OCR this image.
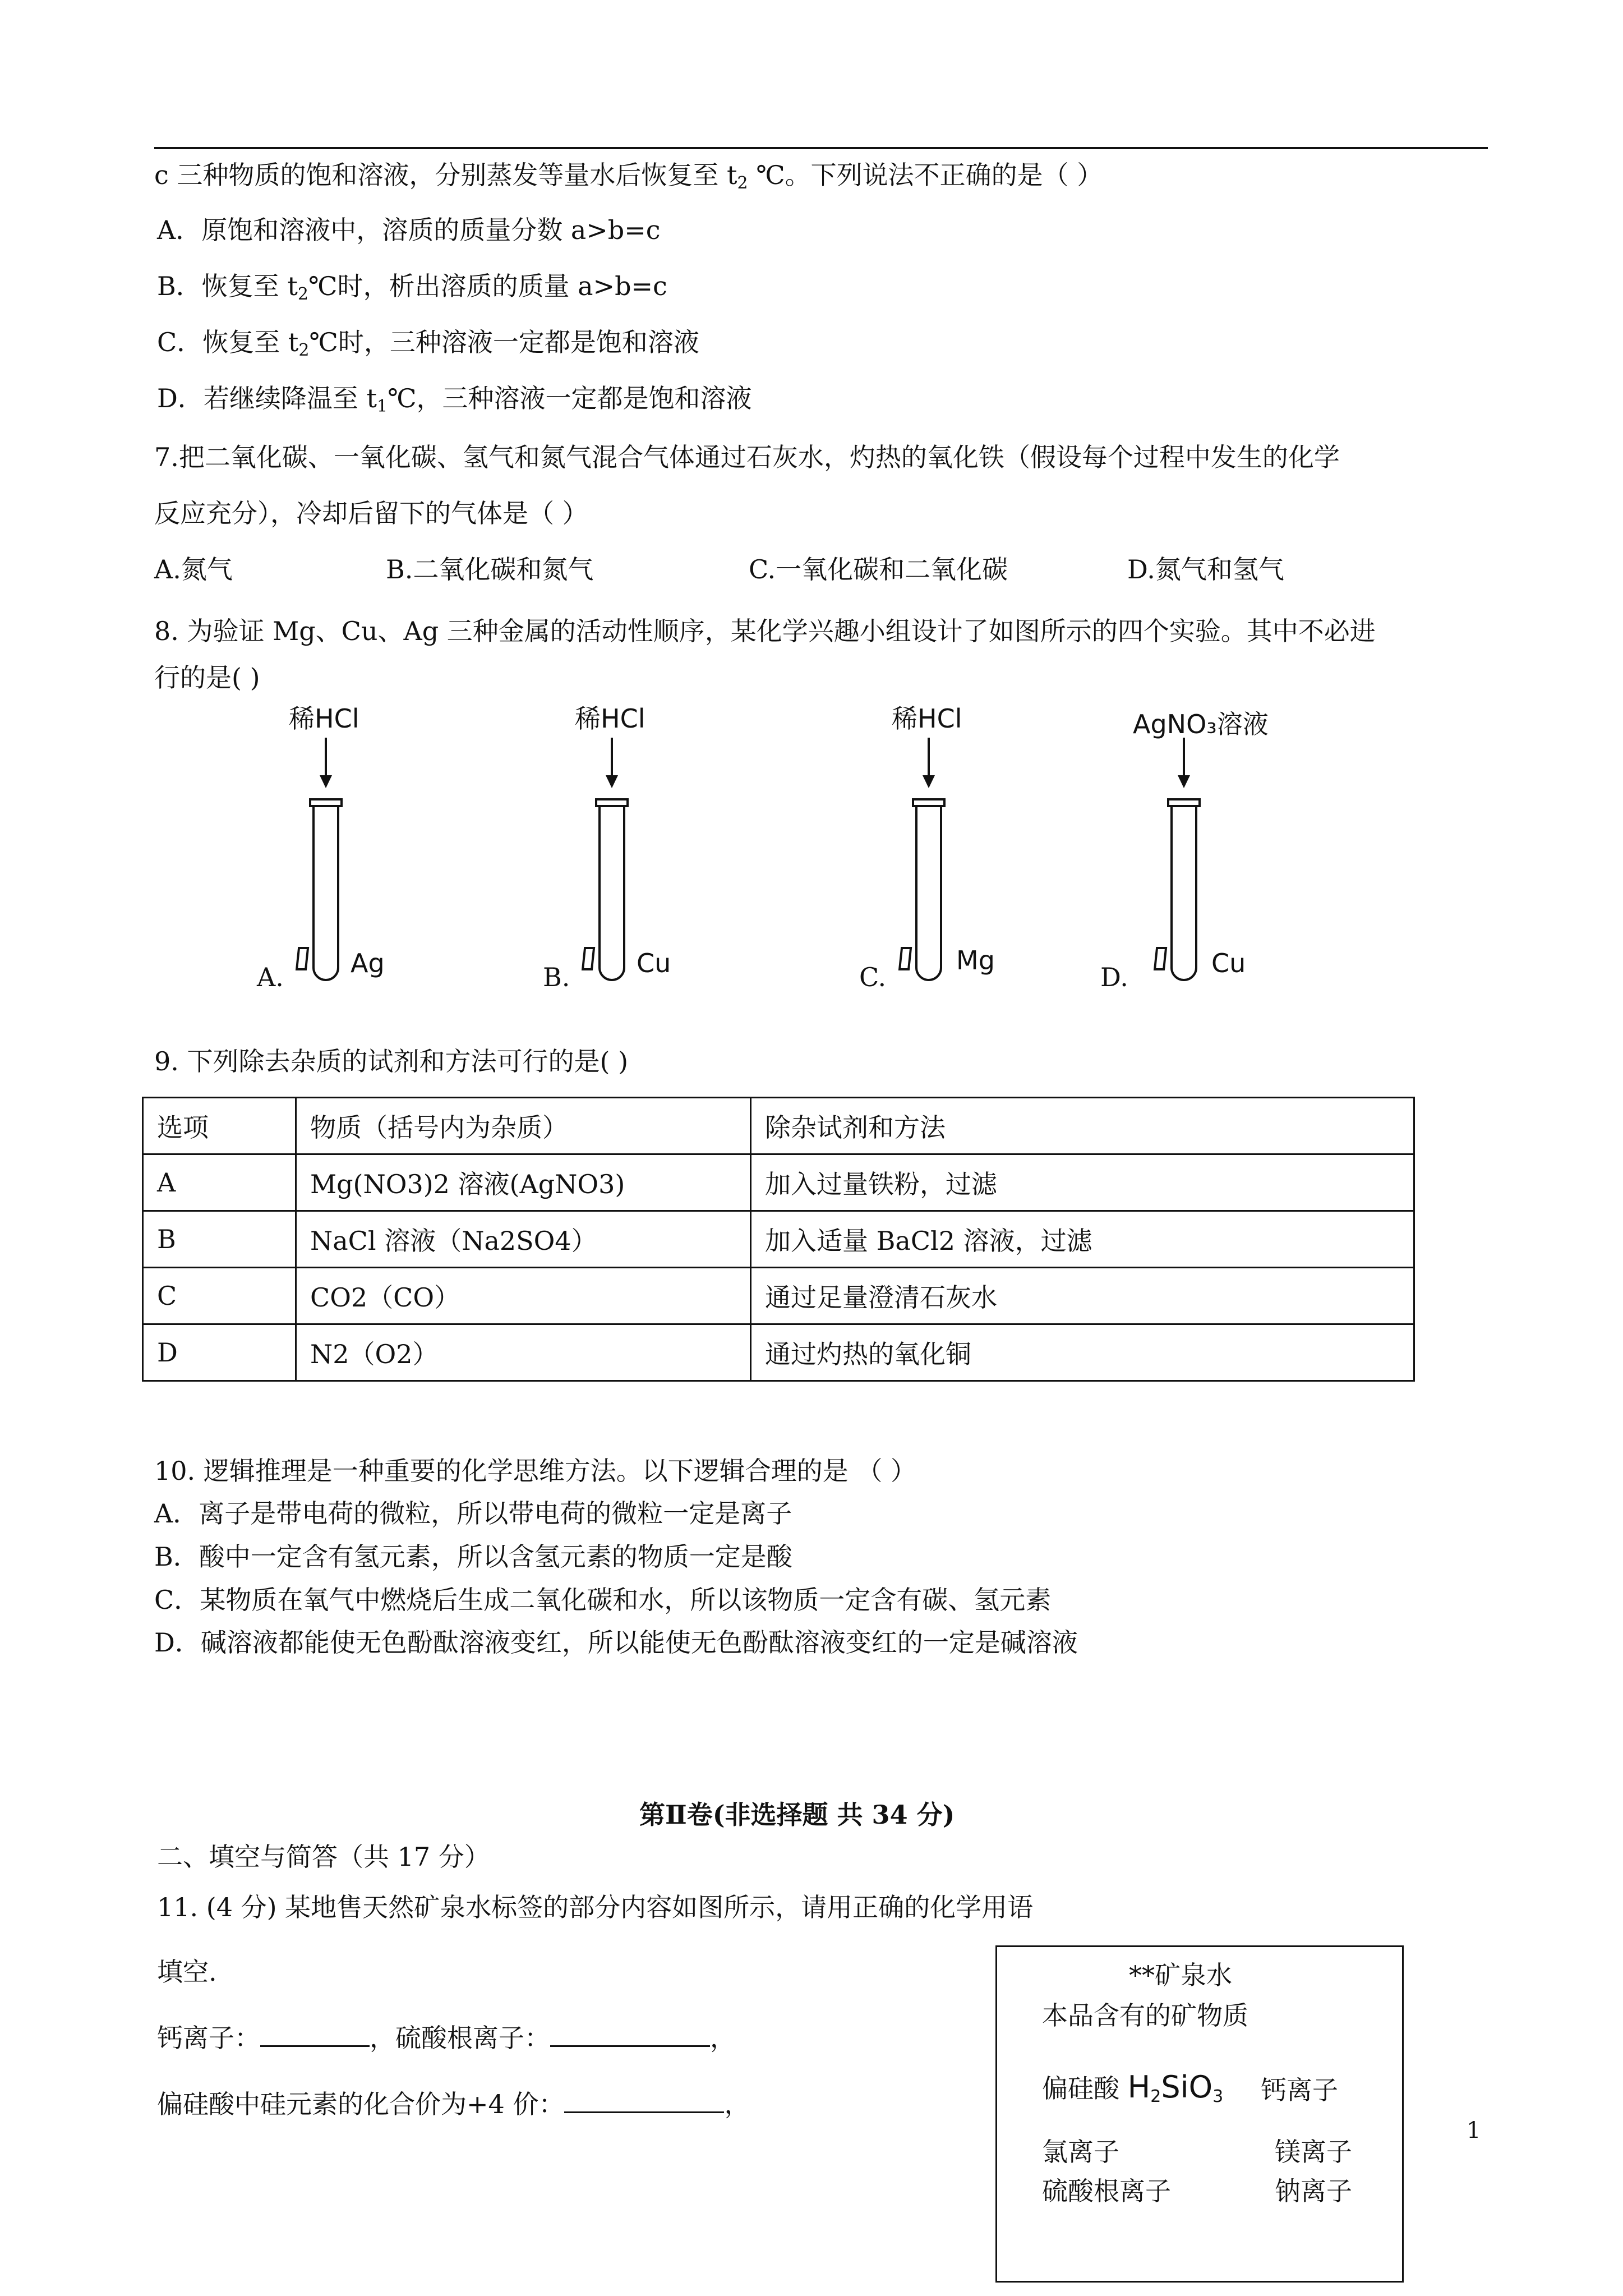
c 三种物质的饱和溶液，分别蒸发等量水后恢复至 $t_2$ ℃。下列说法不正确的是（ ）
A．原饱和溶液中，溶质的质量分数 a>b=c
B．恢复至 $t_2℃$时，析出溶质的质量 a>b=c
C．恢复至 $t_2℃$时，三种溶液一定都是饱和溶液
D．若继续降温至 $t_1℃$，三种溶液一定都是饱和溶液
7.把二氧化碳、一氧化碳、氢气和氮气混合气体通过石灰水，灼热的氧化铁（假设每个过程中发生的化学
反应充分），冷却后留下的气体是（ ）
A.氮气	B.二氧化碳和氮气	C.一氧化碳和二氧化碳	D.氮气和氢气
8. 为验证 Mg、Cu、Ag 三种金属的活动性顺序，某化学兴趣小组设计了如图所示的四个实验。其中不必进
行的是( )
稀HCl
Ag
A.
稀HCl
Cu
B.
稀HCl
Mg
C.
AgNO₃溶液
Cu
D.
9. 下列除去杂质的试剂和方法可行的是( )
选项	物质（括号内为杂质）	除杂试剂和方法
A	Mg(NO3)2 溶液(AgNO3)	加入过量铁粉，过滤
B	NaCl 溶液（Na2SO4）	加入适量 BaCl2 溶液，过滤
C	CO2（CO）	通过足量澄清石灰水
D	N2（O2）	通过灼热的氧化铜
10. 逻辑推理是一种重要的化学思维方法。以下逻辑合理的是 （ ）
A．离子是带电荷的微粒，所以带电荷的微粒一定是离子
B．酸中一定含有氢元素，所以含氢元素的物质一定是酸
C．某物质在氧气中燃烧后生成二氧化碳和水，所以该物质一定含有碳、氢元素
D．碱溶液都能使无色酚酞溶液变红，所以能使无色酚酞溶液变红的一定是碱溶液
第Ⅱ卷(非选择题 共 34 分)
二、填空与简答（共 17 分）
11. (4 分) 某地售天然矿泉水标签的部分内容如图所示，请用正确的化学用语
填空.
钙离子：	，硫酸根离子：	，
偏硅酸中硅元素的化合价为+4 价：	，
**矿泉水
本品含有的矿物质
偏硅酸 $H_2SiO_3$ 钙离子
氯离子	镁离子
硫酸根离子	钠离子
1
